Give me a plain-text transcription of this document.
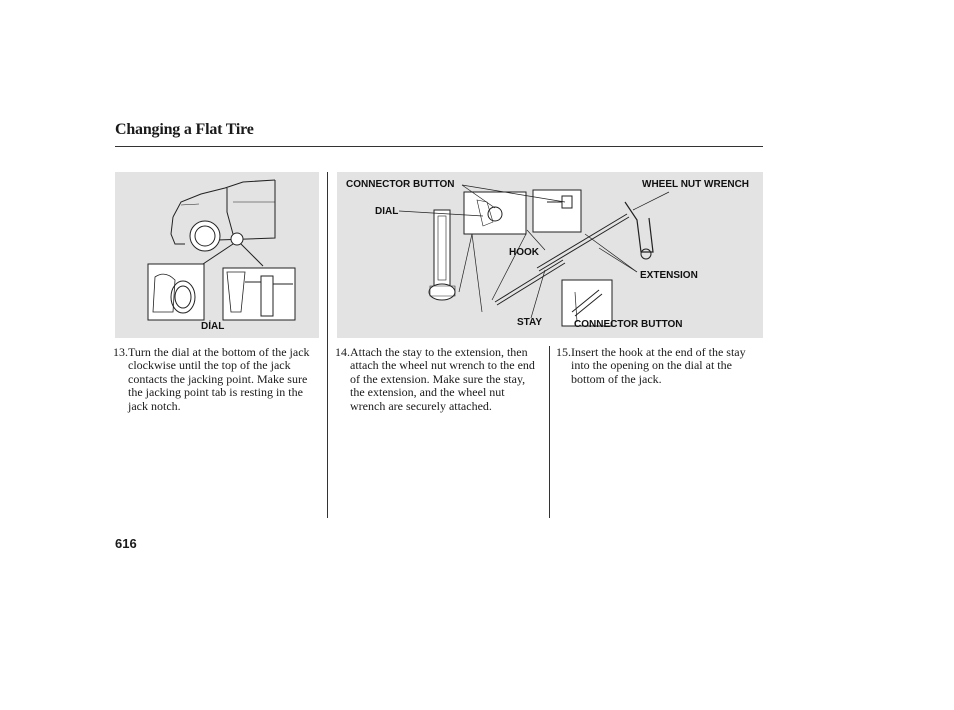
Changing a Flat Tire
DIAL
CONNECTOR BUTTON	WHEEL NUT WRENCH
DIAL
HOOK
EXTENSION
STAY	CONNECTOR BUTTON
13. Turn the dial at the bottom of the jack clockwise until the top of the jack contacts the jacking point. Make sure the jacking point tab is resting in the jack notch.
14. Attach the stay to the extension, then attach the wheel nut wrench to the end of the extension. Make sure the stay, the extension, and the wheel nut wrench are securely attached.
15. Insert the hook at the end of the stay into the opening on the dial at the bottom of the jack.
616
